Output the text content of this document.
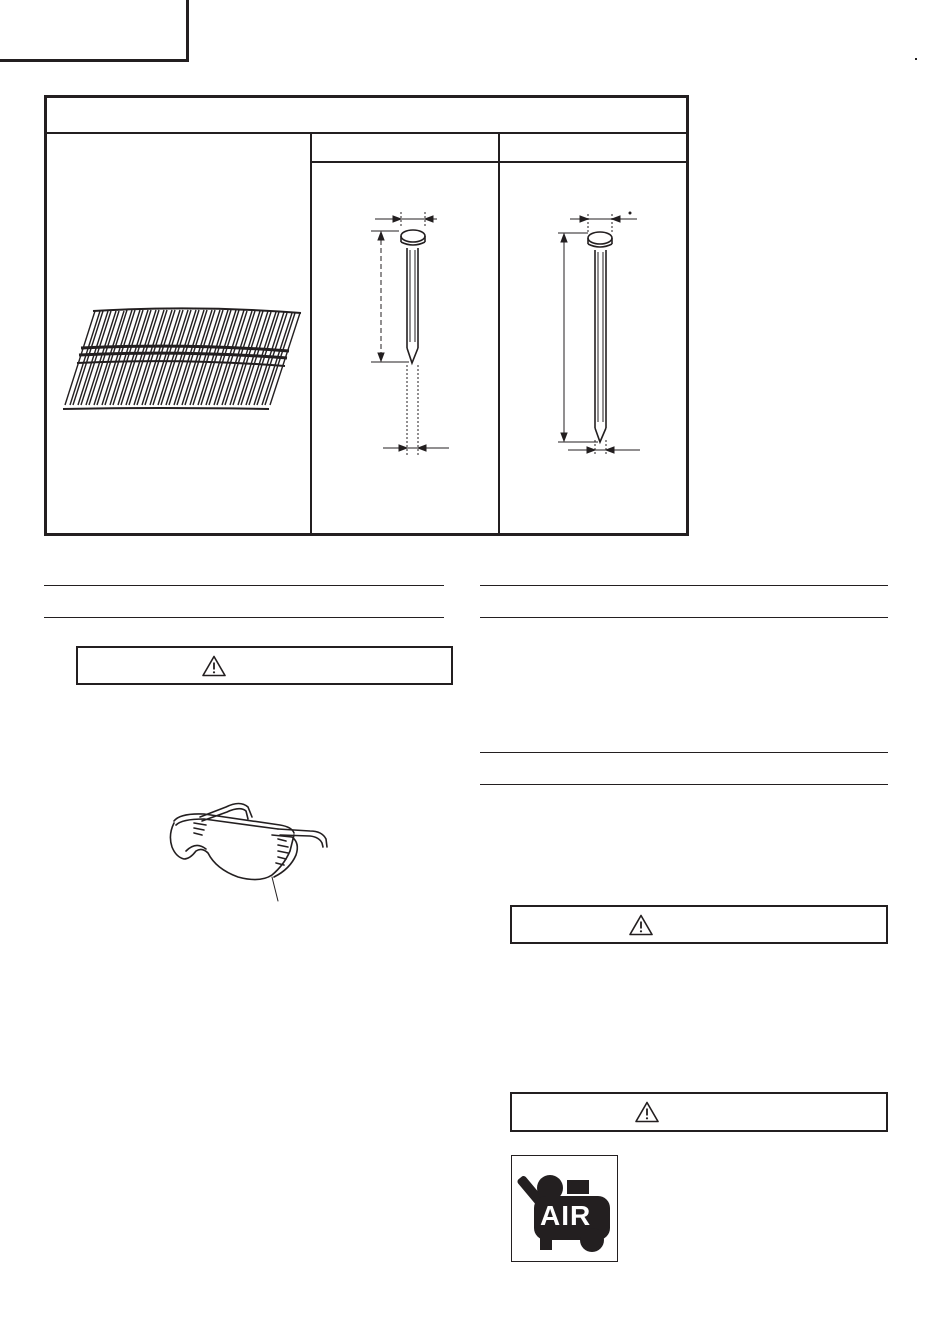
AIR
